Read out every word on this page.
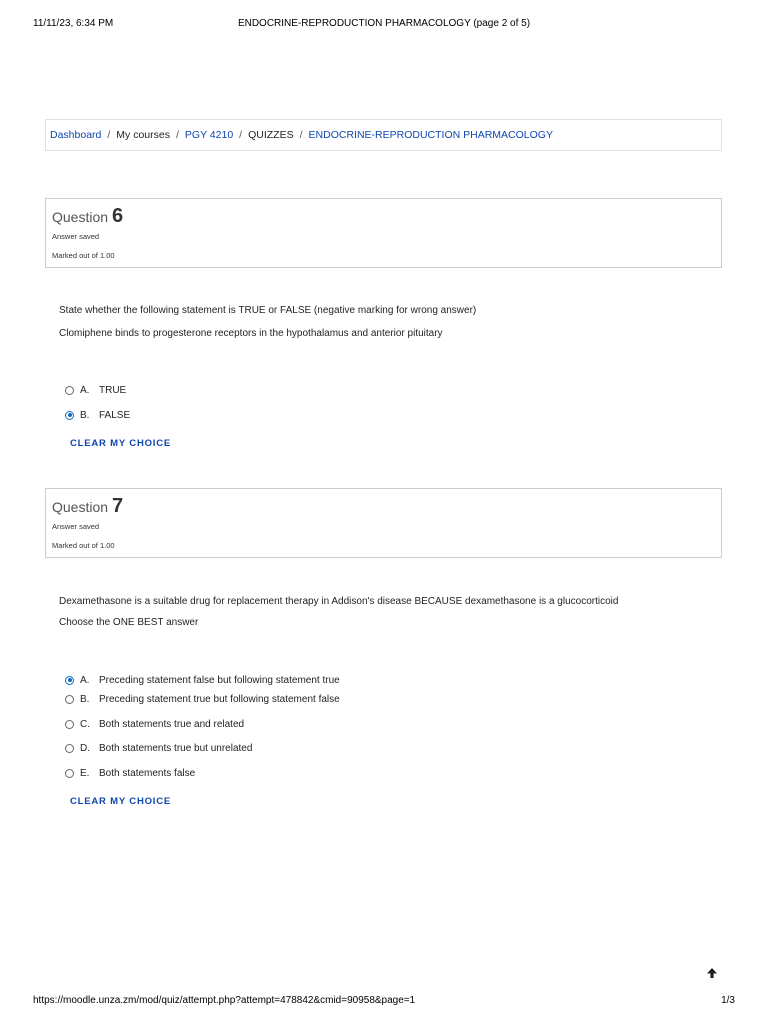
11/11/23, 6:34 PM	ENDOCRINE-REPRODUCTION PHARMACOLOGY (page 2 of 5)
Dashboard / My courses / PGY 4210 / QUIZZES / ENDOCRINE-REPRODUCTION PHARMACOLOGY
Question 6
Answer saved
Marked out of 1.00
State whether the following statement is TRUE or FALSE (negative marking for wrong answer)
Clomiphene binds to progesterone receptors in the hypothalamus and anterior pituitary
A. TRUE
B. FALSE
CLEAR MY CHOICE
Question 7
Answer saved
Marked out of 1.00
Dexamethasone is a suitable drug for replacement therapy in Addison's disease BECAUSE dexamethasone is a glucocorticoid
Choose the ONE BEST answer
A. Preceding statement false but following statement true
B. Preceding statement true but following statement false
C. Both statements true and related
D. Both statements true but unrelated
E. Both statements false
CLEAR MY CHOICE
https://moodle.unza.zm/mod/quiz/attempt.php?attempt=478842&cmid=90958&page=1	1/3
